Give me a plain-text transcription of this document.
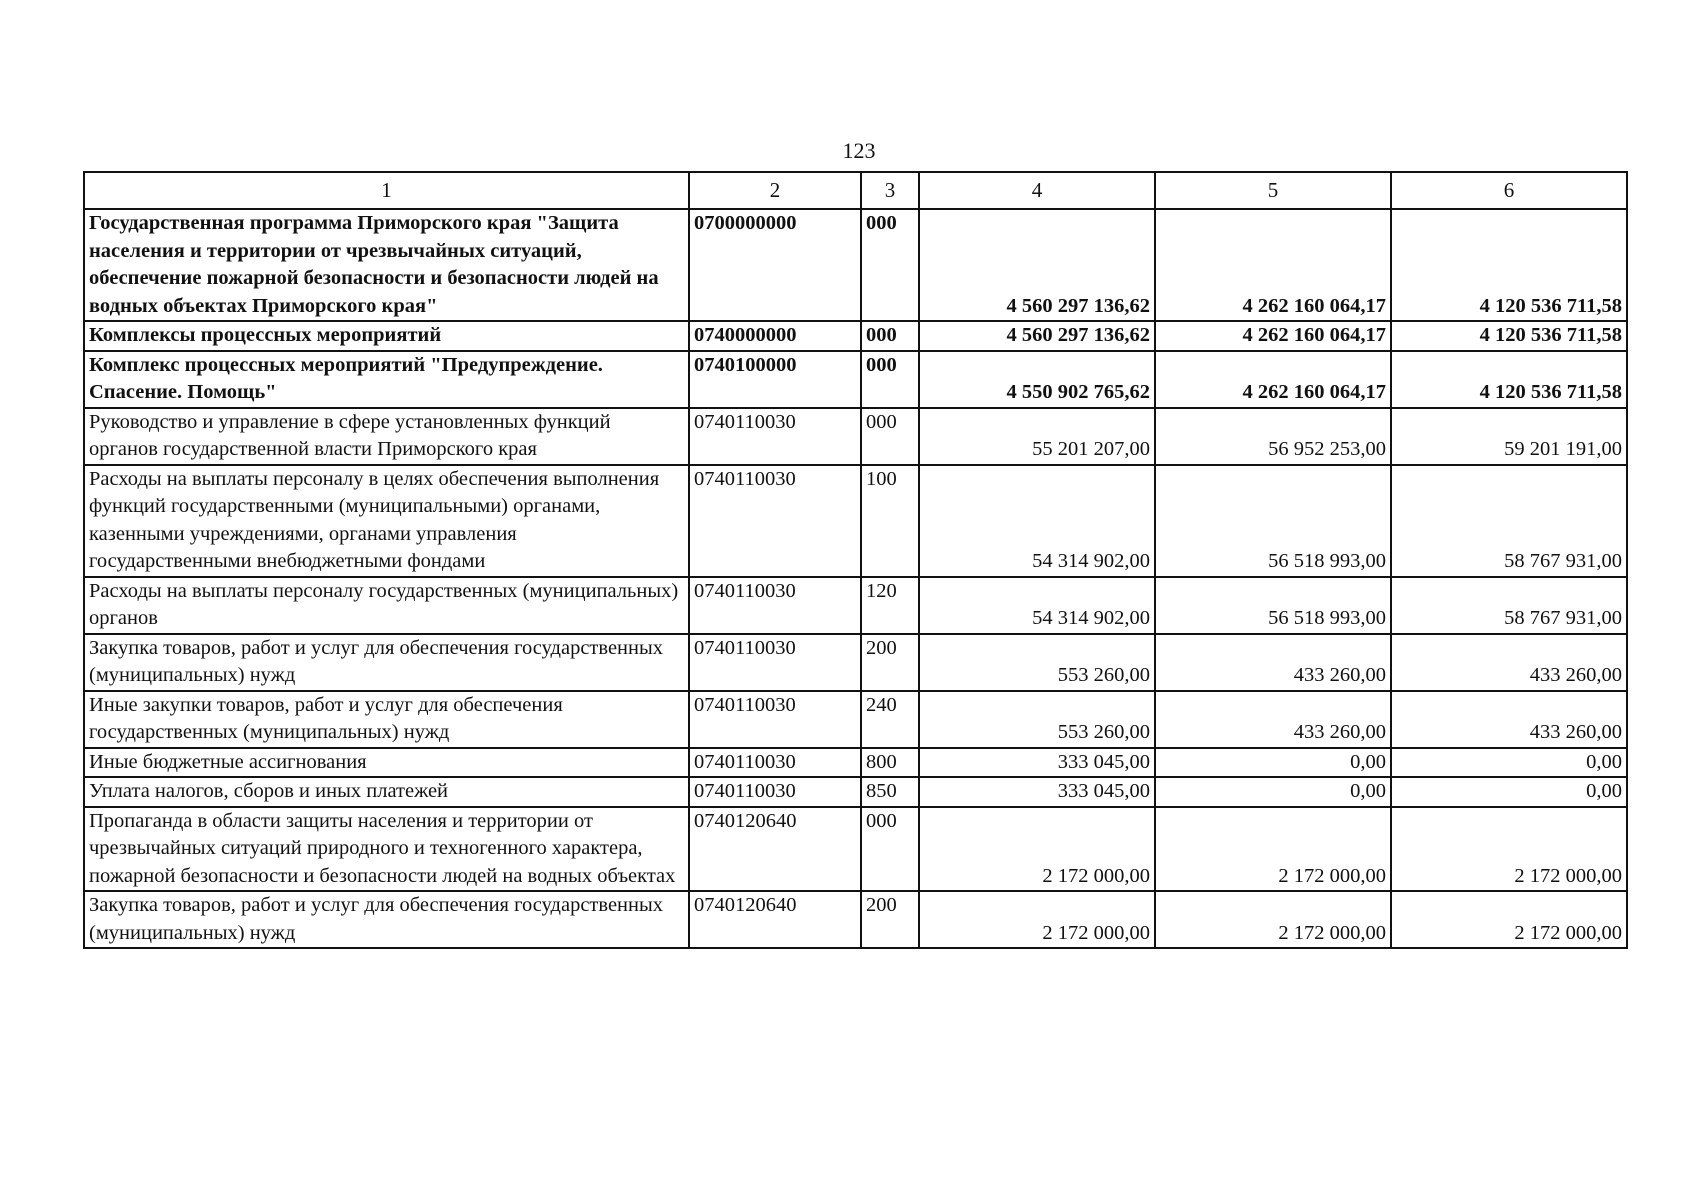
123
1	2	3	4	5	6
Государственная программа Приморского края "Защита населения и территории от чрезвычайных ситуаций, обеспечение пожарной безопасности и безопасности людей на водных объектах Приморского края"	0700000000	000	4 560 297 136,62	4 262 160 064,17	4 120 536 711,58
Комплексы процессных мероприятий	0740000000	000	4 560 297 136,62	4 262 160 064,17	4 120 536 711,58
Комплекс процессных мероприятий "Предупреждение. Спасение. Помощь"	0740100000	000	4 550 902 765,62	4 262 160 064,17	4 120 536 711,58
Руководство и управление в сфере установленных функций органов государственной власти Приморского края	0740110030	000	55 201 207,00	56 952 253,00	59 201 191,00
Расходы на выплаты персоналу в целях обеспечения выполнения функций государственными (муниципальными) органами, казенными учреждениями, органами управления государственными внебюджетными фондами	0740110030	100	54 314 902,00	56 518 993,00	58 767 931,00
Расходы на выплаты персоналу государственных (муниципальных) органов	0740110030	120	54 314 902,00	56 518 993,00	58 767 931,00
Закупка товаров, работ и услуг для обеспечения государственных (муниципальных) нужд	0740110030	200	553 260,00	433 260,00	433 260,00
Иные закупки товаров, работ и услуг для обеспечения государственных (муниципальных) нужд	0740110030	240	553 260,00	433 260,00	433 260,00
Иные бюджетные ассигнования	0740110030	800	333 045,00	0,00	0,00
Уплата налогов, сборов и иных платежей	0740110030	850	333 045,00	0,00	0,00
Пропаганда в области защиты населения и территории от чрезвычайных ситуаций природного и техногенного характера, пожарной безопасности и безопасности людей на водных объектах	0740120640	000	2 172 000,00	2 172 000,00	2 172 000,00
Закупка товаров, работ и услуг для обеспечения государственных (муниципальных) нужд	0740120640	200	2 172 000,00	2 172 000,00	2 172 000,00
